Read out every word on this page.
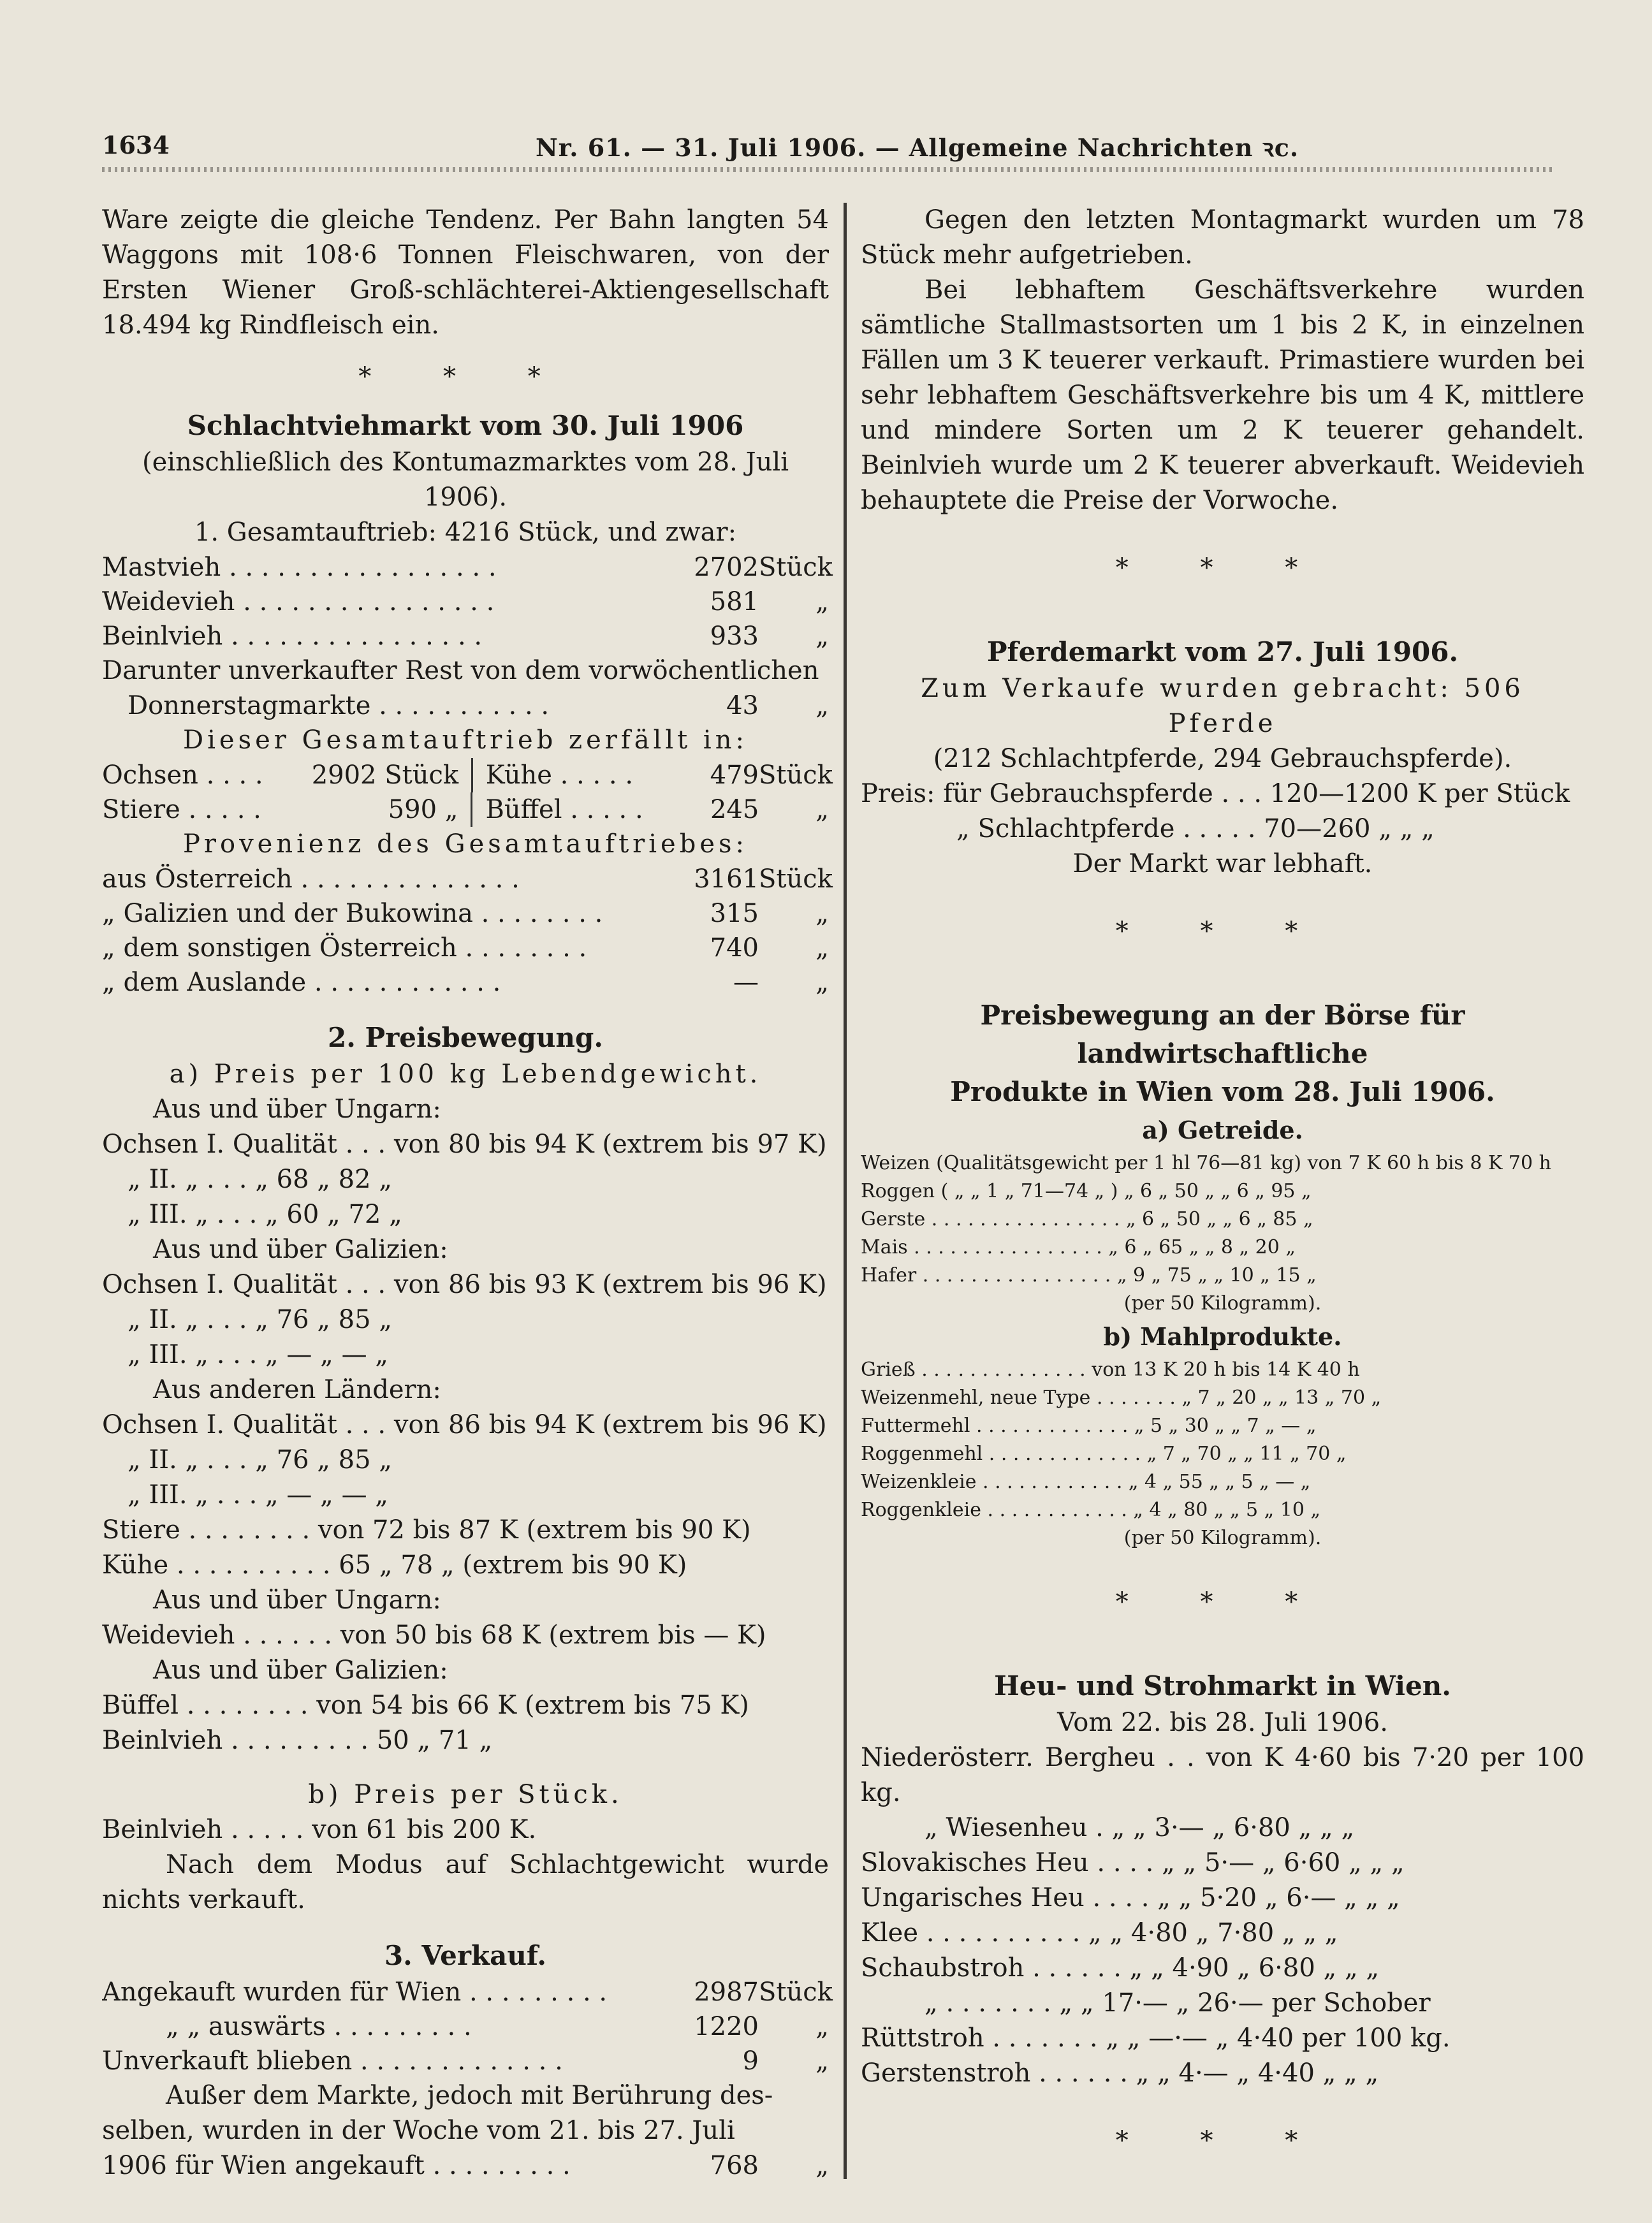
1634	Nr. 61. — 31. Juli 1906. — Allgemeine Nachrichten ꝛc.

Ware zeigte die gleiche Tendenz. Per Bahn langten 54 Waggons mit 108·6 Tonnen Fleischwaren, von der Ersten Wiener Groß-schlächterei-Aktiengesellschaft 18.494 kg Rindfleisch ein.

* * *
Schlachtviehmarkt vom 30. Juli 1906

(einschließlich des Kontumazmarktes vom 28. Juli 1906).

1. Gesamtauftrieb: 4216 Stück, und zwar:

Mastvieh . . . . . . . . . . . . . . . . .	2702 Stück
Weidevieh . . . . . . . . . . . . . . . .	581	„
Beinlvieh . . . . . . . . . . . . . . . .	933	„

Darunter unverkaufter Rest von dem vorwöchentlichen

Donnerstagmarkte . . . . . . . . . . .	43	„

Dieser Gesamtauftrieb zerfällt in:

Ochsen . . . .	2902 Stück	Kühe . . . . .	479 Stück
Stiere . . . . .	590 „	Büffel . . . . .	245	„

Provenienz des Gesamtauftriebes:

aus Österreich . . . . . . . . . . . . . .	3161 Stück
„ Galizien und der Bukowina . . . . . . . .	315	„
„ dem sonstigen Österreich . . . . . . . .	740	„
„ dem Auslande . . . . . . . . . . . .	—	„
2. Preisbewegung.

a) Preis per 100 kg Lebendgewicht.

Aus und über Ungarn:

Ochsen I. Qualität . . . von 80 bis 94 K (extrem bis 97 K)

„ II. „ . . . „ 68 „ 82 „

„ III. „ . . . „ 60 „ 72 „

Aus und über Galizien:

Ochsen I. Qualität . . . von 86 bis 93 K (extrem bis 96 K)

„ II. „ . . . „ 76 „ 85 „

„ III. „ . . . „ — „ — „

Aus anderen Ländern:

Ochsen I. Qualität . . . von 86 bis 94 K (extrem bis 96 K)

„ II. „ . . . „ 76 „ 85 „

„ III. „ . . . „ — „ — „

Stiere . . . . . . . . von 72 bis 87 K (extrem bis 90 K)

Kühe . . . . . . . . . . 65 „ 78 „ (extrem bis 90 K)

Aus und über Ungarn:

Weidevieh . . . . . . von 50 bis 68 K (extrem bis — K)

Aus und über Galizien:

Büffel . . . . . . . . von 54 bis 66 K (extrem bis 75 K)

Beinlvieh . . . . . . . . . 50 „ 71 „

b) Preis per Stück.

Beinlvieh . . . . . von 61 bis 200 K.

Nach dem Modus auf Schlachtgewicht wurde nichts verkauft.

3. Verkauf.
Angekauft wurden für Wien . . . . . . . . .	2987 Stück
„ „ auswärts . . . . . . . . .	1220	„
Unverkauft blieben . . . . . . . . . . . . .	9	„

Außer dem Markte, jedoch mit Berührung des-

selben, wurden in der Woche vom 21. bis 27. Juli

1906 für Wien angekauft . . . . . . . . .	768	„

Gegen den letzten Montagmarkt wurden um 78 Stück mehr aufgetrieben.

Bei lebhaftem Geschäftsverkehre wurden sämtliche Stallmastsorten um 1 bis 2 K, in einzelnen Fällen um 3 K teuerer verkauft. Primastiere wurden bei sehr lebhaftem Geschäftsverkehre bis um 4 K, mittlere und mindere Sorten um 2 K teuerer gehandelt. Beinlvieh wurde um 2 K teuerer abverkauft. Weidevieh behauptete die Preise der Vorwoche.

* * *
Pferdemarkt vom 27. Juli 1906.

Zum Verkaufe wurden gebracht: 506 Pferde

(212 Schlachtpferde, 294 Gebrauchspferde).

Preis: für Gebrauchspferde . . . 120—1200 K per Stück

„ Schlachtpferde . . . . . 70—260 „ „ „

Der Markt war lebhaft.

* * *
Preisbewegung an der Börse für landwirtschaftliche
Produkte in Wien vom 28. Juli 1906.
a) Getreide.
Weizen (Qualitätsgewicht per 1 hl 76—81 kg) von 7 K 60 h bis 8 K 70 h
Roggen ( „ „ 1 „ 71—74 „ ) „ 6 „ 50 „ „ 6 „ 95 „
Gerste . . . . . . . . . . . . . . . . „ 6 „ 50 „ „ 6 „ 85 „
Mais . . . . . . . . . . . . . . . . „ 6 „ 65 „ „ 8 „ 20 „
Hafer . . . . . . . . . . . . . . . . „ 9 „ 75 „ „ 10 „ 15 „
(per 50 Kilogramm).
b) Mahlprodukte.
Grieß . . . . . . . . . . . . . . von 13 K 20 h bis 14 K 40 h
Weizenmehl, neue Type . . . . . . . „ 7 „ 20 „ „ 13 „ 70 „
Futtermehl . . . . . . . . . . . . . „ 5 „ 30 „ „ 7 „ — „
Roggenmehl . . . . . . . . . . . . . „ 7 „ 70 „ „ 11 „ 70 „
Weizenkleie . . . . . . . . . . . . „ 4 „ 55 „ „ 5 „ — „
Roggenkleie . . . . . . . . . . . . „ 4 „ 80 „ „ 5 „ 10 „
(per 50 Kilogramm).
* * *
Heu- und Strohmarkt in Wien.

Vom 22. bis 28. Juli 1906.

Niederösterr. Bergheu . . von K 4·60 bis 7·20 per 100 kg.

„ Wiesenheu . „ „ 3·— „ 6·80 „ „ „

Slovakisches Heu . . . . „ „ 5·— „ 6·60 „ „ „

Ungarisches Heu . . . . „ „ 5·20 „ 6·— „ „ „

Klee . . . . . . . . . . „ „ 4·80 „ 7·80 „ „ „

Schaubstroh . . . . . . „ „ 4·90 „ 6·80 „ „ „

„ . . . . . . . „ „ 17·— „ 26·— per Schober

Rüttstroh . . . . . . . „ „ —·— „ 4·40 per 100 kg.

Gerstenstroh . . . . . . „ „ 4·— „ 4·40 „ „ „

* * *
